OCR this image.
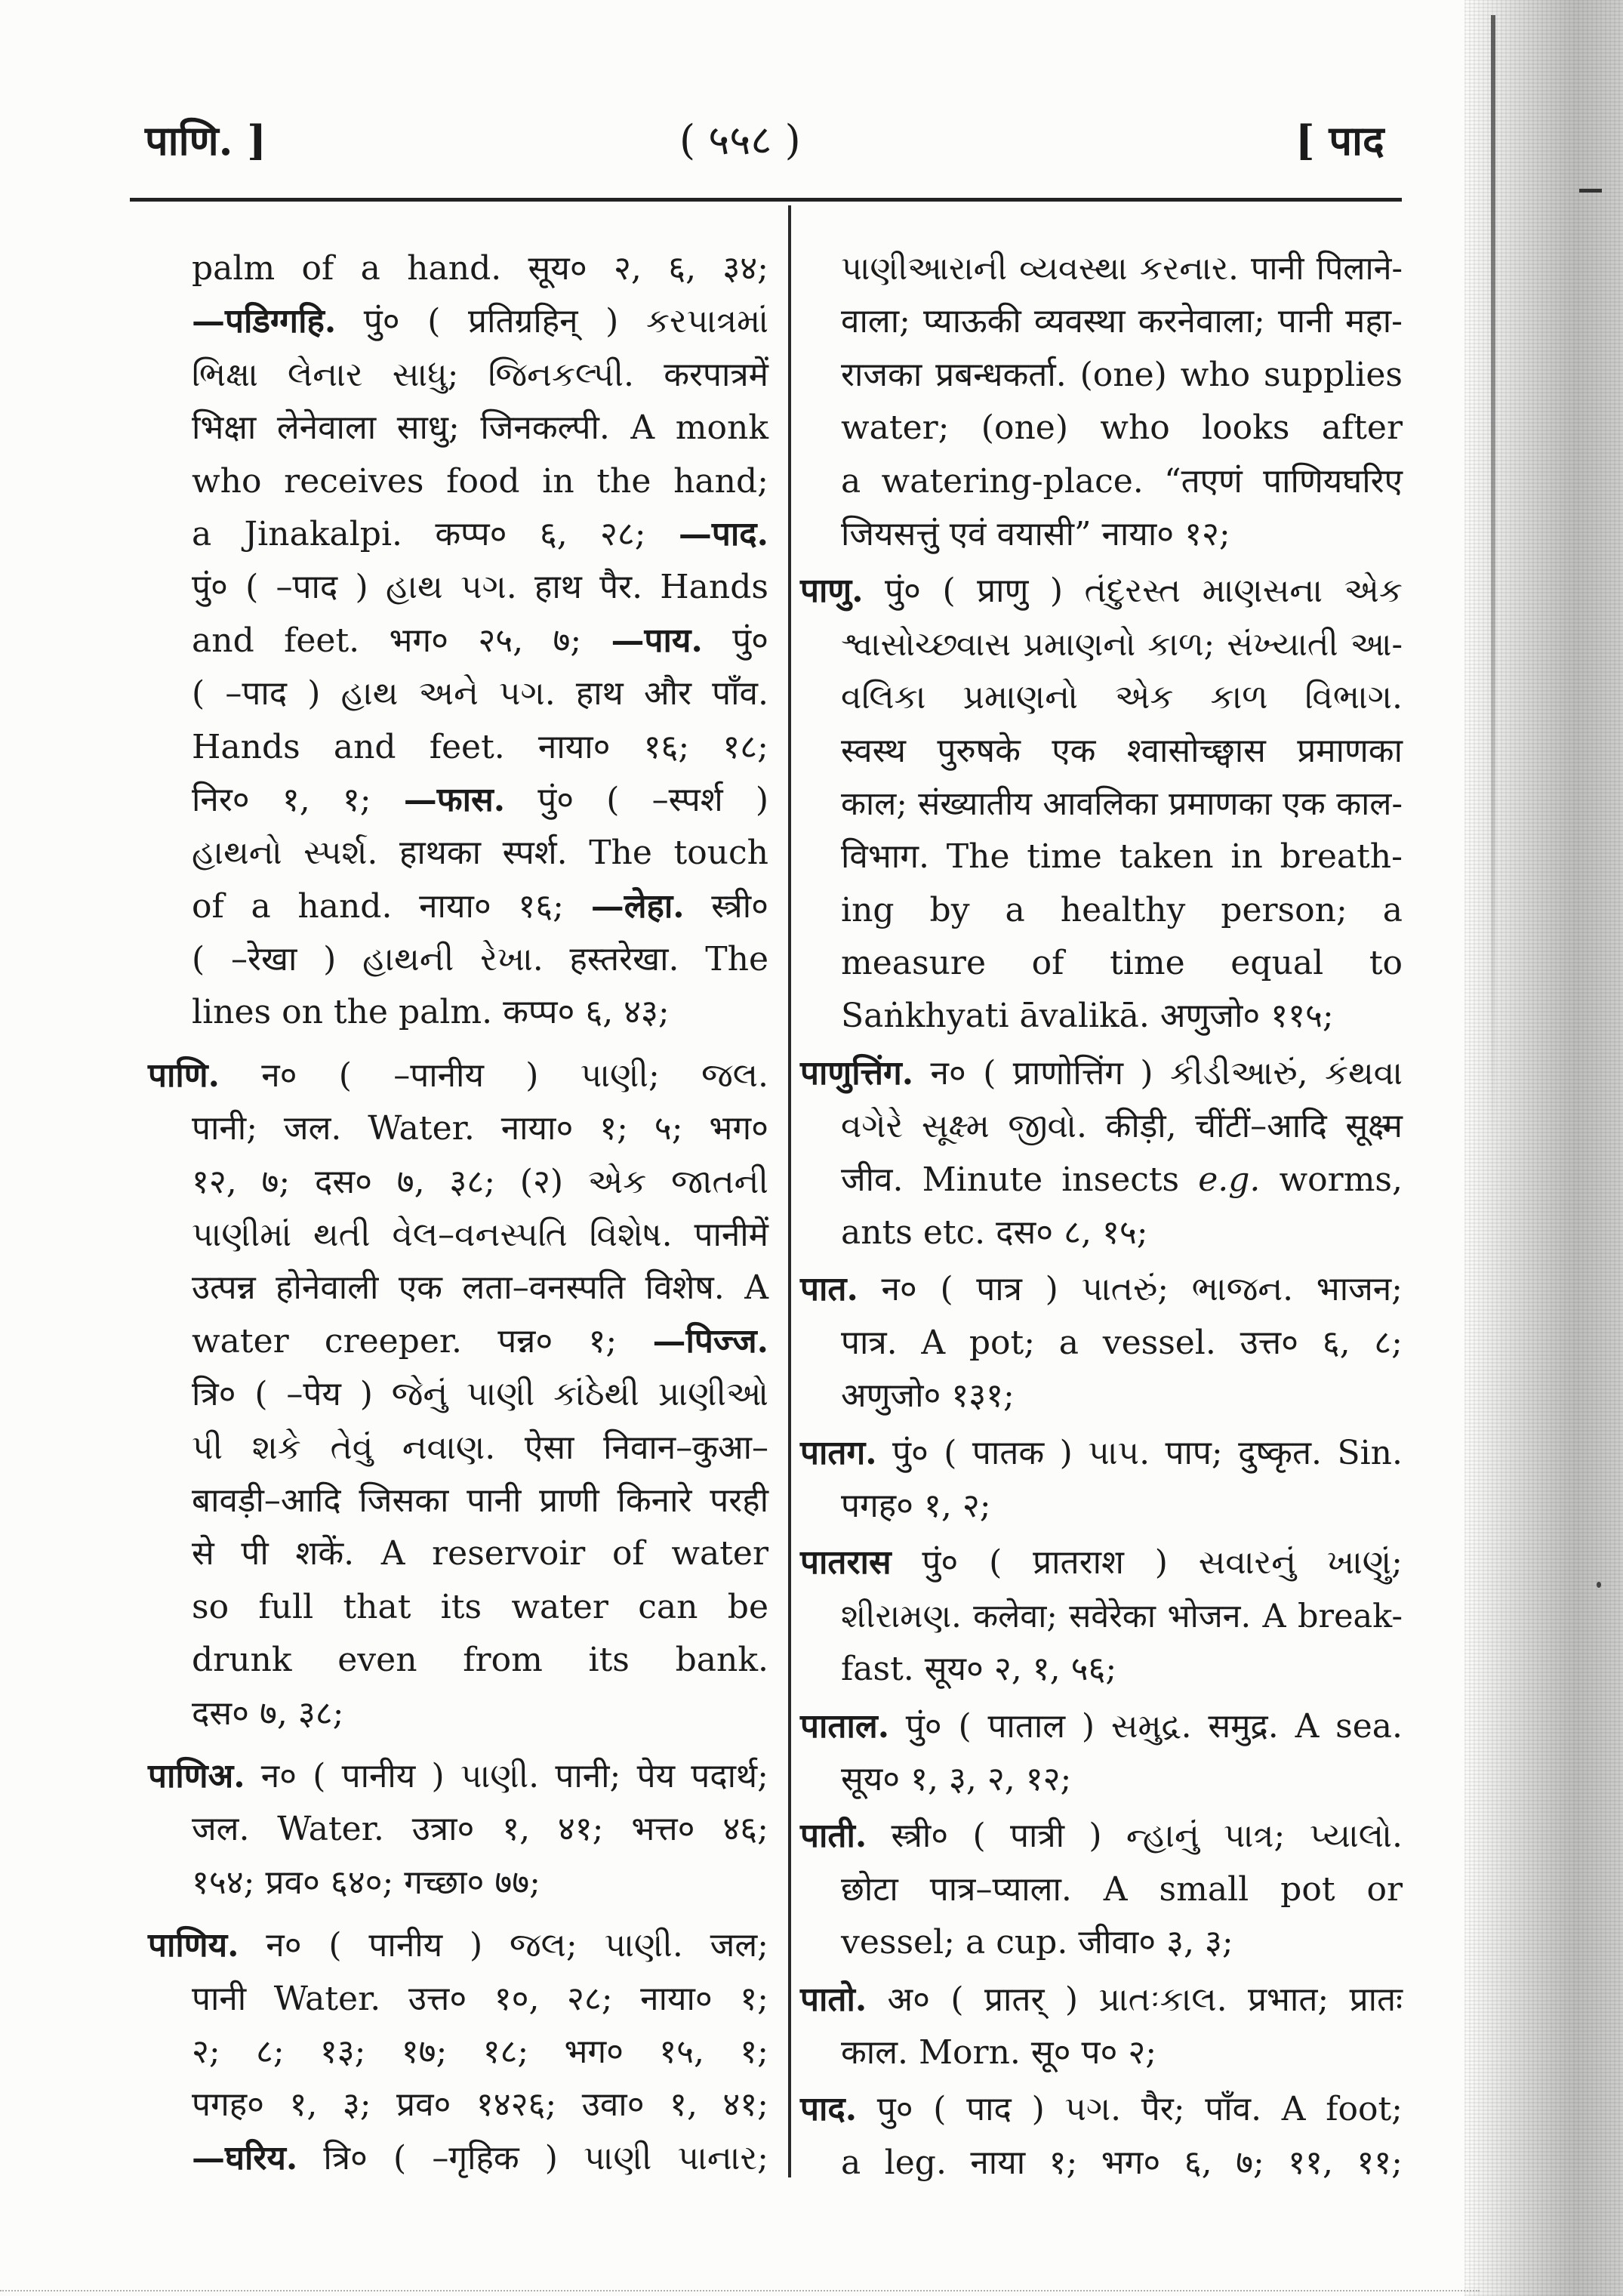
पाणि. ]	( ५५८ )	[ पाद
palm of a hand. सूय० २, ६, ३४;
—पडिग्गहि. पुं० ( प्रतिग्रहिन् ) કરપાત્રમાં
ભિક્ષા લેનાર સાધુ; જિનકલ્પી. करपात्रमें
भिक्षा लेनेवाला साधु; जिनकल्पी. A monk
who receives food in the hand;
a Jinakalpi. कप्प० ६, २८; —पाद.
पुं० ( –पाद ) હાથ પગ. हाथ पैर. Hands
and feet. भग० २५, ७; —पाय. पुं०
( –पाद ) હાથ અને પગ. हाथ और पाँव.
Hands and feet. नाया० १६; १८;
निर० १, १; —फास. पुं० ( –स्पर्श )
હાથનો સ્પર્શ. हाथका स्पर्श. The touch
of a hand. नाया० १६; —लेहा. स्त्री०
( –रेखा ) હાથની રેખા. हस्तरेखा. The
lines on the palm. कप्प० ६, ४३;
पाणि. न० ( –पानीय ) પાણી; જલ.
पानी; जल. Water. नाया० १; ५; भग०
१२, ७; दस० ७, ३८; (२) એક જાતની
પાણીમાં થતી વેલ–વનસ્પતિ વિશેષ. पानीमें
उत्पन्न होनेवाली एक लता–वनस्पति विशेष. A
water creeper. पन्न० १; —पिज्ज.
त्रि० ( –पेय ) જેનું પાણી કાંઠેથી પ્રાણીઓ
પી શકે તેવું નવાણ. ऐसा निवान–कुआ–
बावड़ी–आदि जिसका पानी प्राणी किनारे परही
से पी शकें. A reservoir of water
so full that its water can be
drunk even from its bank.
दस० ७, ३८;
पाणिअ. न० ( पानीय ) પાણી. पानी; पेय पदार्थ;
जल. Water. उत्रा० १, ४१; भत्त० ४६;
१५४; प्रव० ६४०; गच्छा० ७७;
पाणिय. न० ( पानीय ) જલ; પાણી. जल;
पानी Water. उत्त० १०, २८; नाया० १;
२; ८; १३; १७; १८; भग० १५, १;
पगह० १, ३; प्रव० १४२६; उवा० १, ४१;
—घरिय. त्रि० ( –गृहिक ) પાણી પાનાર;
પાણીઆરાની વ્યવસ્થા કરનાર. पानी पिलाने-
वाला; प्याऊकी व्यवस्था करनेवाला; पानी महा-
राजका प्रबन्धकर्ता. (one) who supplies
water; (one) who looks after
a watering-place. “तएणं पाणियघरिए
जियसत्तुं एवं वयासी” नाया० १२;
पाणु. पुं० ( प्राणु ) તંદુરસ્ત માણસના એક
શ્વાસોચ્છ્વાસ પ્રમાણનો કાળ; સંખ્યાતી આ-
વલિકા પ્રમાણનો એક કાળ વિભાગ.
स्वस्थ पुरुषके एक श्वासोच्छ्वास प्रमाणका
काल; संख्यातीय आवलिका प्रमाणका एक काल-
विभाग. The time taken in breath-
ing by a healthy person; a
measure of time equal to
Saṅkhyati āvalikā. अणुजो० ११५;
पाणुत्तिंग. न० ( प्राणोत्तिंग ) કીડીઆરું, કંથવા
વગેરે સૂક્ષ્મ જીવો. कीड़ी, चींटीं–आदि सूक्ष्म
जीव. Minute insects e.g. worms,
ants etc. दस० ८, १५;
पात. न० ( पात्र ) પાતરું; ભાજન. भाजन;
पात्र. A pot; a vessel. उत्त० ६, ८;
अणुजो० १३१;
पातग. पुं० ( पातक ) પાપ. पाप; दुष्कृत. Sin.
पगह० १, २;
पातरास पुं० ( प्रातराश ) સવારનું ખાણું;
શીરામણ. कलेवा; सवेरेका भोजन. A break-
fast. सूय० २, १, ५६;
पाताल. पुं० ( पाताल ) સમુદ્ર. समुद्र. A sea.
सूय० १, ३, २, १२;
पाती. स्त्री० ( पात्री ) ન્હાનું પાત્ર; પ્યાલો.
छोटा पात्र–प्याला. A small pot or
vessel; a cup. जीवा० ३, ३;
पातो. अ० ( प्रातर् ) પ્રાતઃકાલ. प्रभात; प्रातः
काल. Morn. सू० प० २;
पाद. पु० ( पाद ) પગ. पैर; पाँव. A foot;
a leg. नाया १; भग० ६, ७; ११, ११;
